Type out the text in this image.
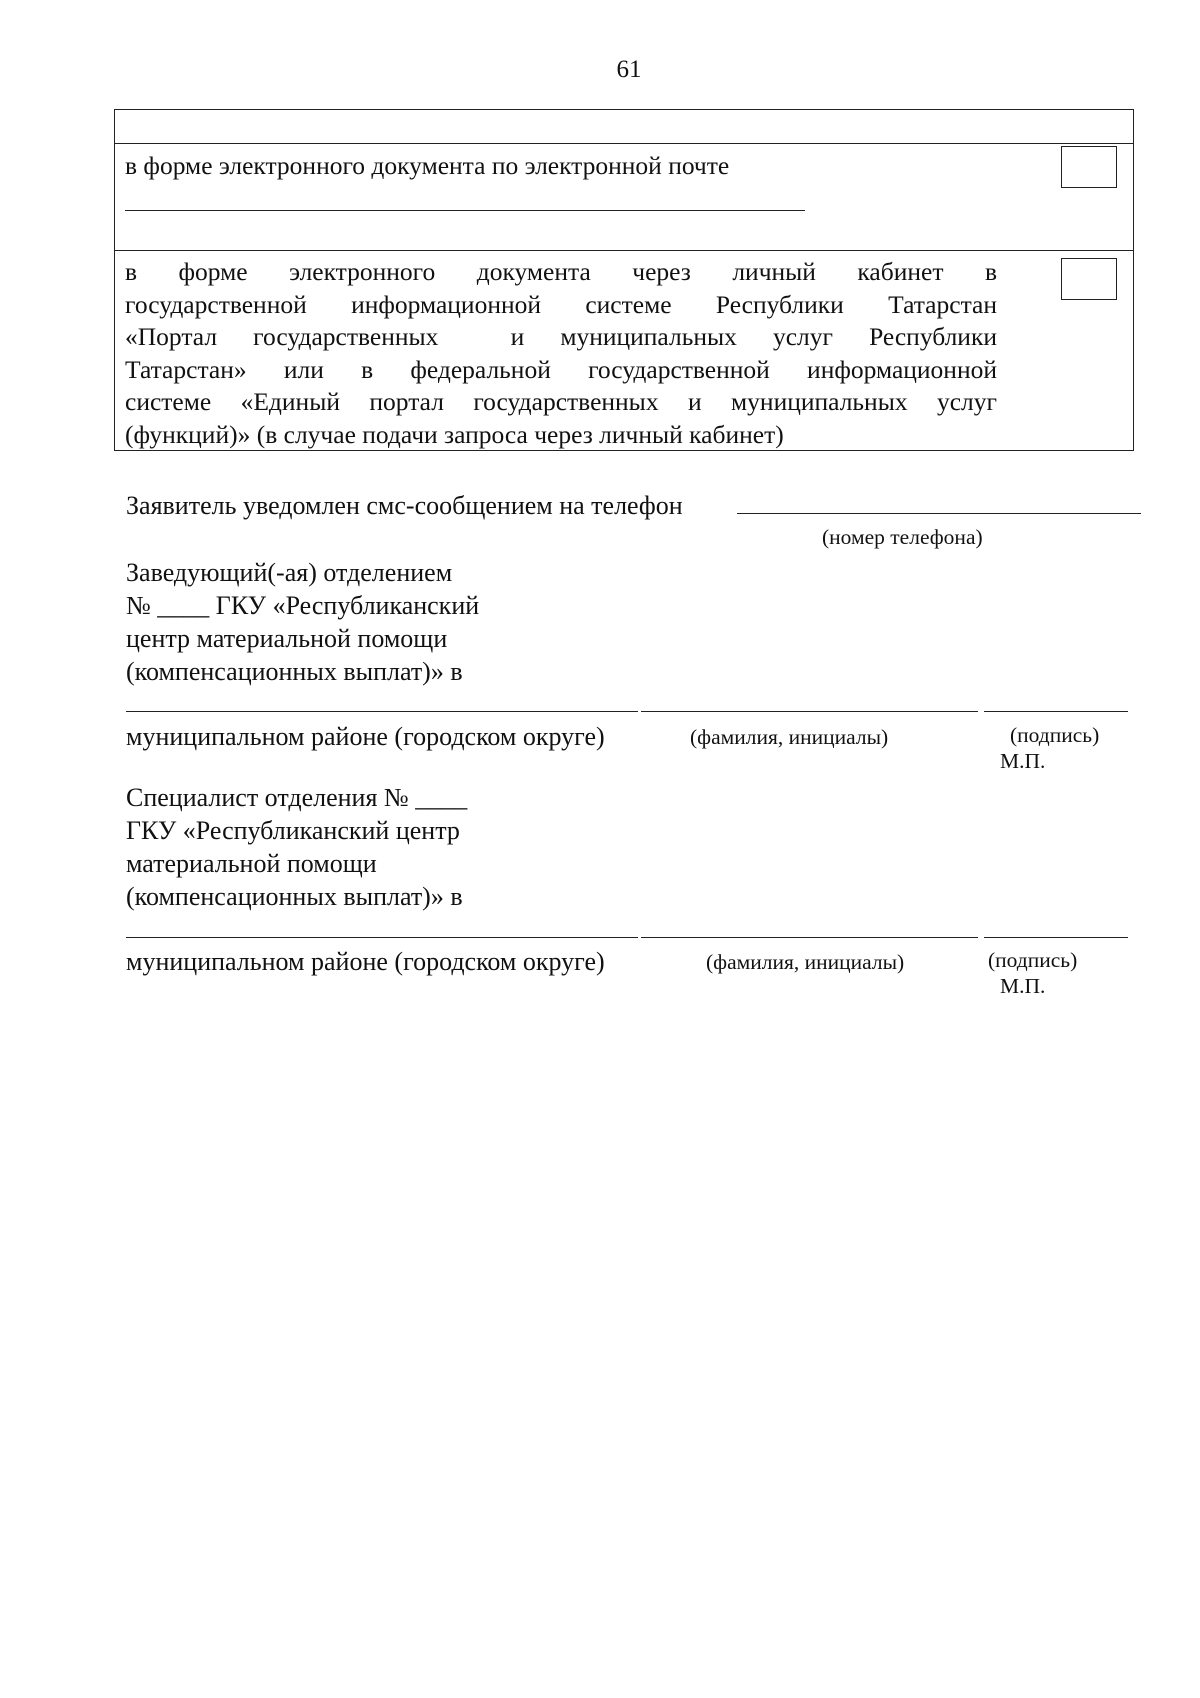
61
в форме электронного документа по электронной почте
в форме электронного документа через личный кабинет в
государственной информационной системе Республики Татарстан
«Портал государственных  и муниципальных услуг Республики
Татарстан» или в федеральной государственной информационной
системе «Единый портал государственных и муниципальных услуг
(функций)» (в случае подачи запроса через личный кабинет)
Заявитель уведомлен смс-сообщением на телефон
(номер телефона)
Заведующий(-ая) отделением
№ ____ ГКУ «Республиканский
центр материальной помощи
(компенсационных выплат)» в
муниципальном районе (городском округе)	(фамилия, инициалы)	(подпись)
М.П.
Специалист отделения № ____
ГКУ «Республиканский центр
материальной помощи
(компенсационных выплат)» в
муниципальном районе (городском округе)	(фамилия, инициалы)	(подпись)
М.П.
